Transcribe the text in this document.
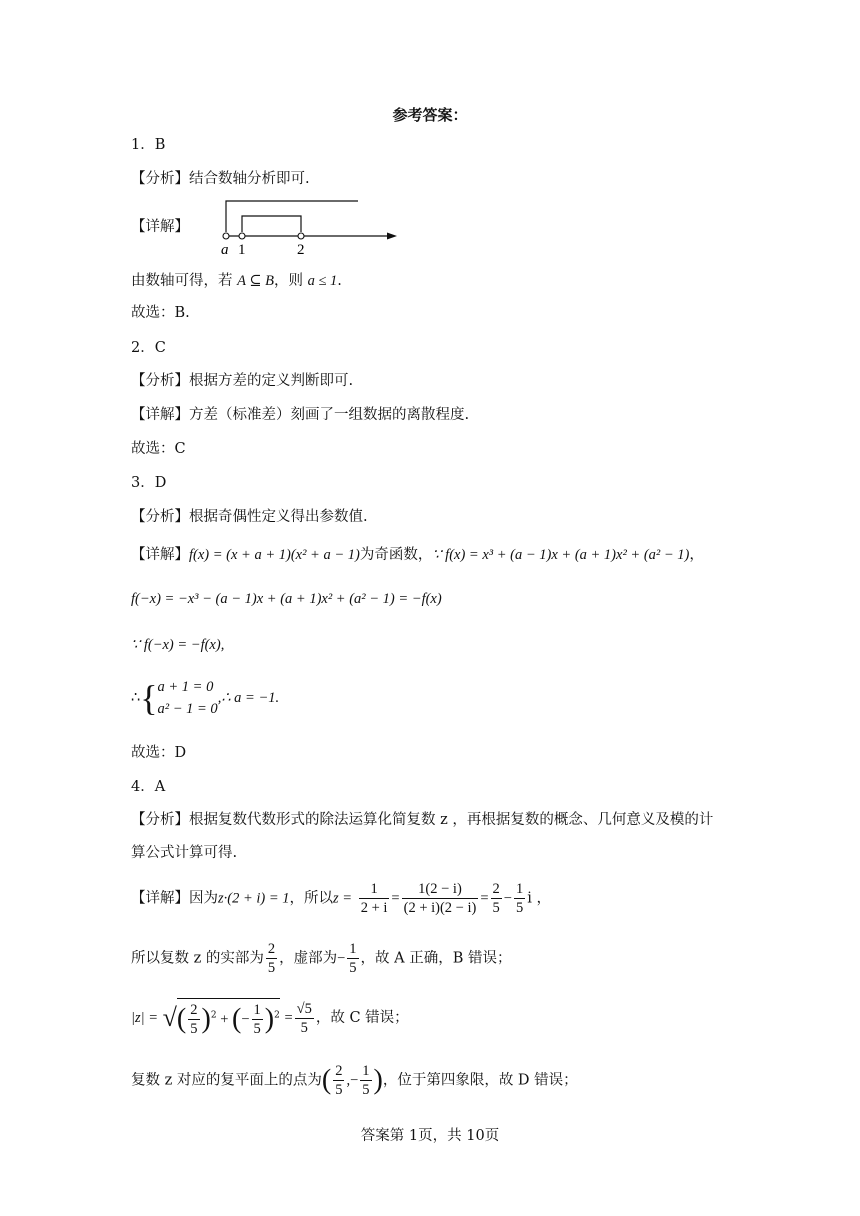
参考答案：
1．B
【分析】结合数轴分析即可.
【详解】
a 1	2
由数轴可得，若 A ⊆ B，则 a ≤ 1.
故选：B.
2．C
【分析】根据方差的定义判断即可.
【详解】方差（标准差）刻画了一组数据的离散程度.
故选：C
3．D
【分析】根据奇偶性定义得出参数值.
【详解】f(x) = (x + a + 1)(x² + a − 1)为奇函数，∵ f(x) = x³ + (a − 1)x + (a + 1)x² + (a² − 1)，
f(−x) = −x³ − (a − 1)x + (a + 1)x² + (a² − 1) = −f(x)
∵ f(−x) = −f(x),
∴{ a + 1 = 0
a² − 1 = 0
,∴ a = −1.
故选：D
4．A
【分析】根据复数代数形式的除法运算化简复数 z ，再根据复数的概念、几何意义及模的计
算公式计算可得.
【详解】因为z·(2 + i) = 1，所以$z = \frac{1}{2 + i} = \frac{1(2 - i)}{(2 + i)(2 - i)} = \frac{2}{5} - \frac{1}{5}$ i ，
所以复数 z 的实部为 $\frac{2}{5}$ ，虚部为− $\frac{1}{5}$ ，故 A 正确，B 错误；
|z| = √( $\frac{2}{5} )^2$ + (− $\frac{1}{5} )^2 = \frac{√5}{5}$ ，故 C 错误；
复数 z 对应的复平面上的点为( $\frac{2}{5}$ ,− $\frac{1}{5}$ )，位于第四象限，故 D 错误；
答案第 1页，共 10页
